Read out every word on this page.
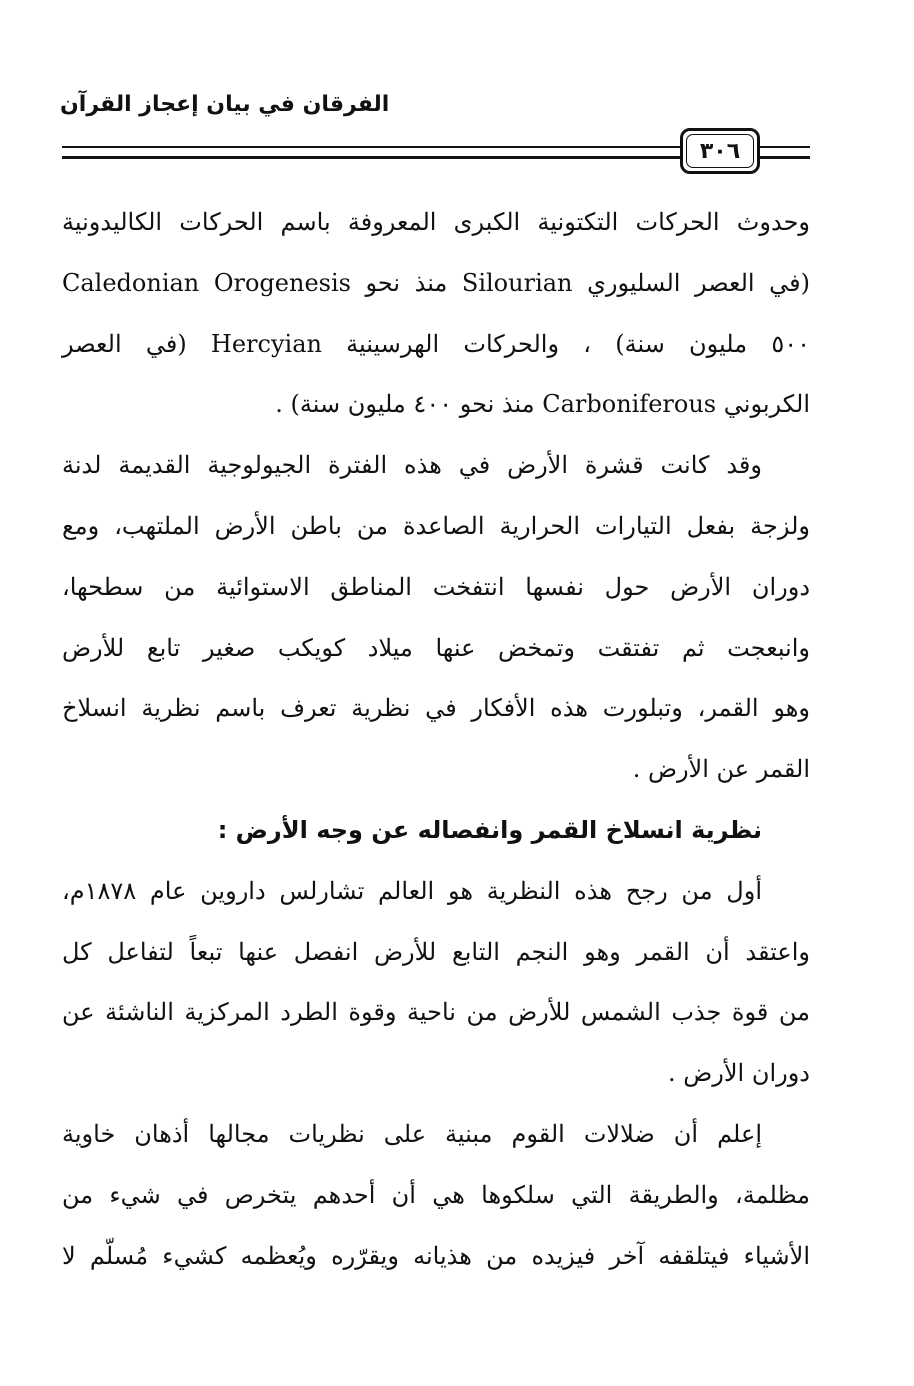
الفرقان في بيان إعجاز القرآن
٣٠٦
وحدوث الحركات التكتونية الكبرى المعروفة باسم الحركات الكاليدونية
(في العصر السليوري Silourian منذ نحو Caledonian Orogenesis
٥٠٠ مليون سنة) ، والحركات الهرسينية Hercyian (في العصر
الكربوني Carboniferous منذ نحو ٤٠٠ مليون سنة) .
وقد كانت قشرة الأرض في هذه الفترة الجيولوجية القديمة لدنة
ولزجة بفعل التيارات الحرارية الصاعدة من باطن الأرض الملتهب، ومع
دوران الأرض حول نفسها انتفخت المناطق الاستوائية من سطحها،
وانبعجت ثم تفتقت وتمخض عنها ميلاد كويكب صغير تابع للأرض
وهو القمر، وتبلورت هذه الأفكار في نظرية تعرف باسم نظرية انسلاخ
القمر عن الأرض .
نظرية انسلاخ القمر وانفصاله عن وجه الأرض :
أول من رجح هذه النظرية هو العالم تشارلس داروين عام ١٨٧٨م،
واعتقد أن القمر وهو النجم التابع للأرض انفصل عنها تبعاً لتفاعل كل
من قوة جذب الشمس للأرض من ناحية وقوة الطرد المركزية الناشئة عن
دوران الأرض .
إعلم أن ضلالات القوم مبنية على نظريات مجالها أذهان خاوية
مظلمة، والطريقة التي سلكوها هي أن أحدهم يتخرص في شيء من
الأشياء فيتلقفه آخر فيزيده من هذيانه ويقرّره ويُعظمه كشيء مُسلّم لا
